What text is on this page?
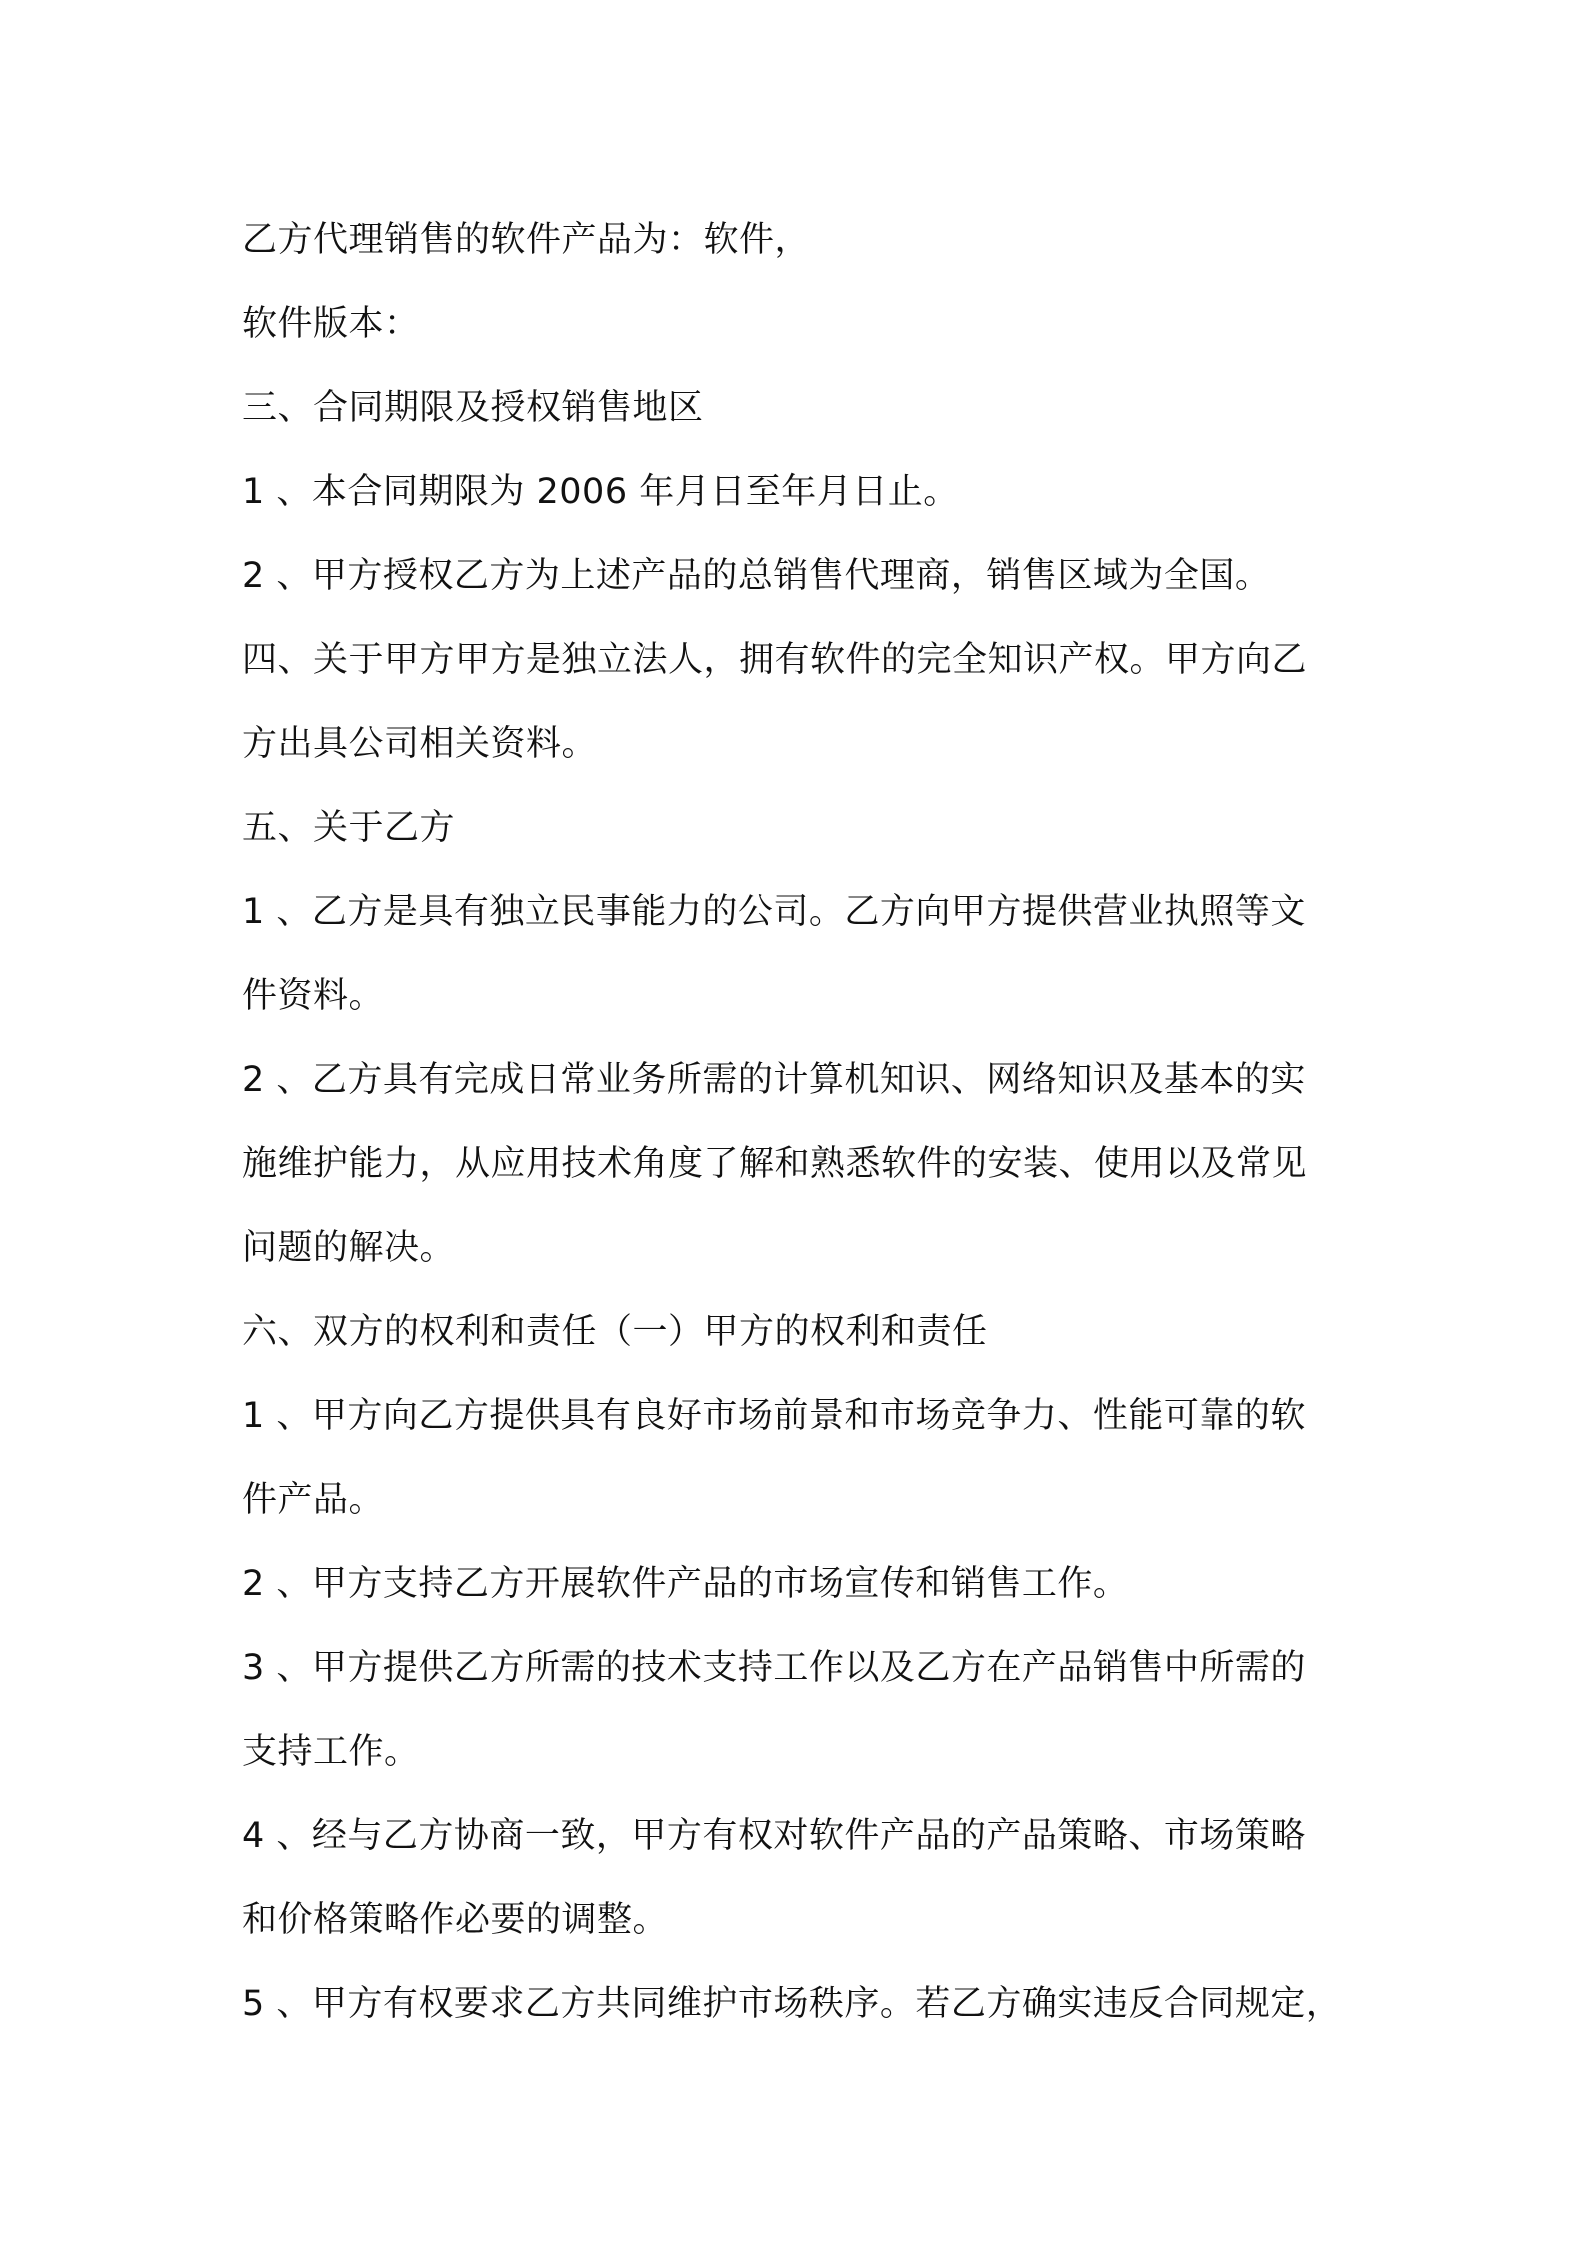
乙方代理销售的软件产品为：软件，
软件版本：
三、合同期限及授权销售地区
1 、本合同期限为 2006 年月日至年月日止。
2 、甲方授权乙方为上述产品的总销售代理商，销售区域为全国。
四、关于甲方甲方是独立法人，拥有软件的完全知识产权。甲方向乙
方出具公司相关资料。
五、关于乙方
1 、乙方是具有独立民事能力的公司。乙方向甲方提供营业执照等文
件资料。
2 、乙方具有完成日常业务所需的计算机知识、网络知识及基本的实
施维护能力，从应用技术角度了解和熟悉软件的安装、使用以及常见
问题的解决。
六、双方的权利和责任（一）甲方的权利和责任
1 、甲方向乙方提供具有良好市场前景和市场竞争力、性能可靠的软
件产品。
2 、甲方支持乙方开展软件产品的市场宣传和销售工作。
3 、甲方提供乙方所需的技术支持工作以及乙方在产品销售中所需的
支持工作。
4 、经与乙方协商一致，甲方有权对软件产品的产品策略、市场策略
和价格策略作必要的调整。
5 、甲方有权要求乙方共同维护市场秩序。若乙方确实违反合同规定，
